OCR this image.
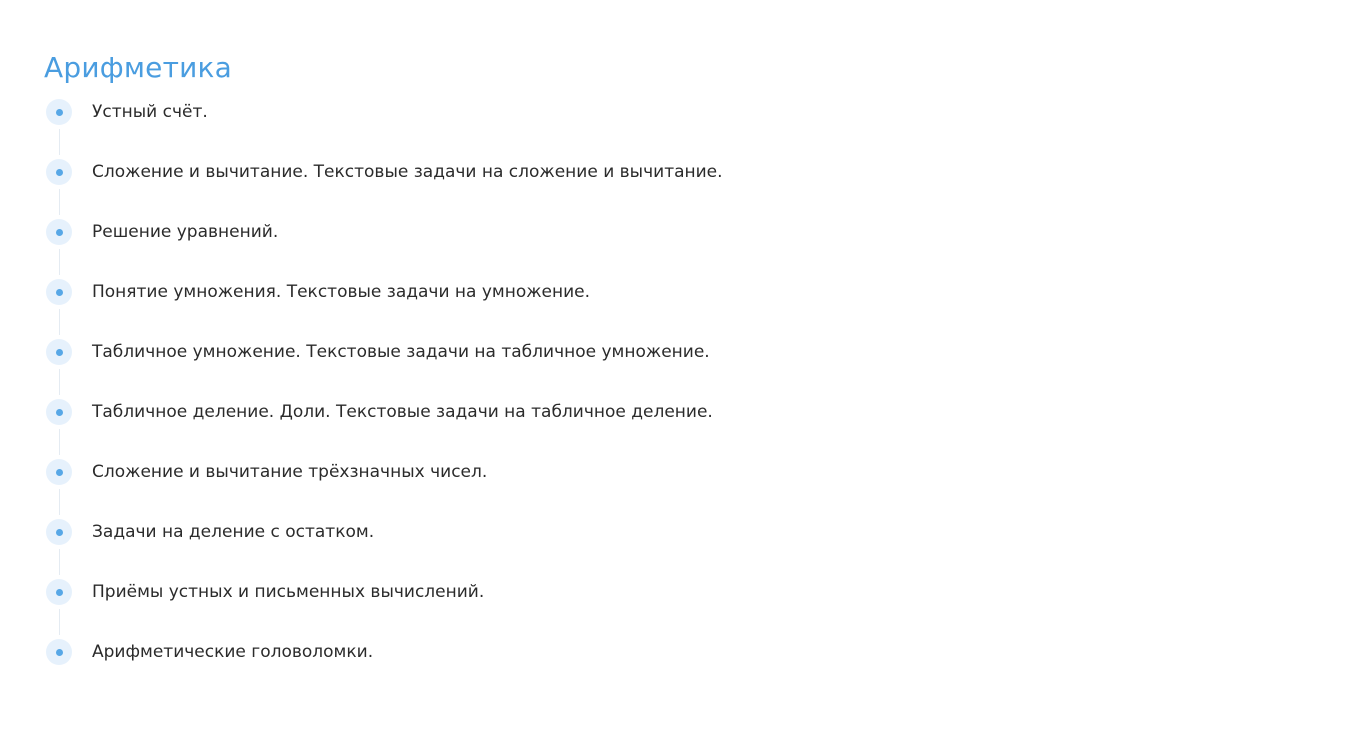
Арифметика
Устный счёт.
Сложение и вычитание. Текстовые задачи на сложение и вычитание.
Решение уравнений.
Понятие умножения. Текстовые задачи на умножение.
Табличное умножение. Текстовые задачи на табличное умножение.
Табличное деление. Доли. Текстовые задачи на табличное деление.
Сложение и вычитание трёхзначных чисел.
Задачи на деление с остатком.
Приёмы устных и письменных вычислений.
Арифметические головоломки.
